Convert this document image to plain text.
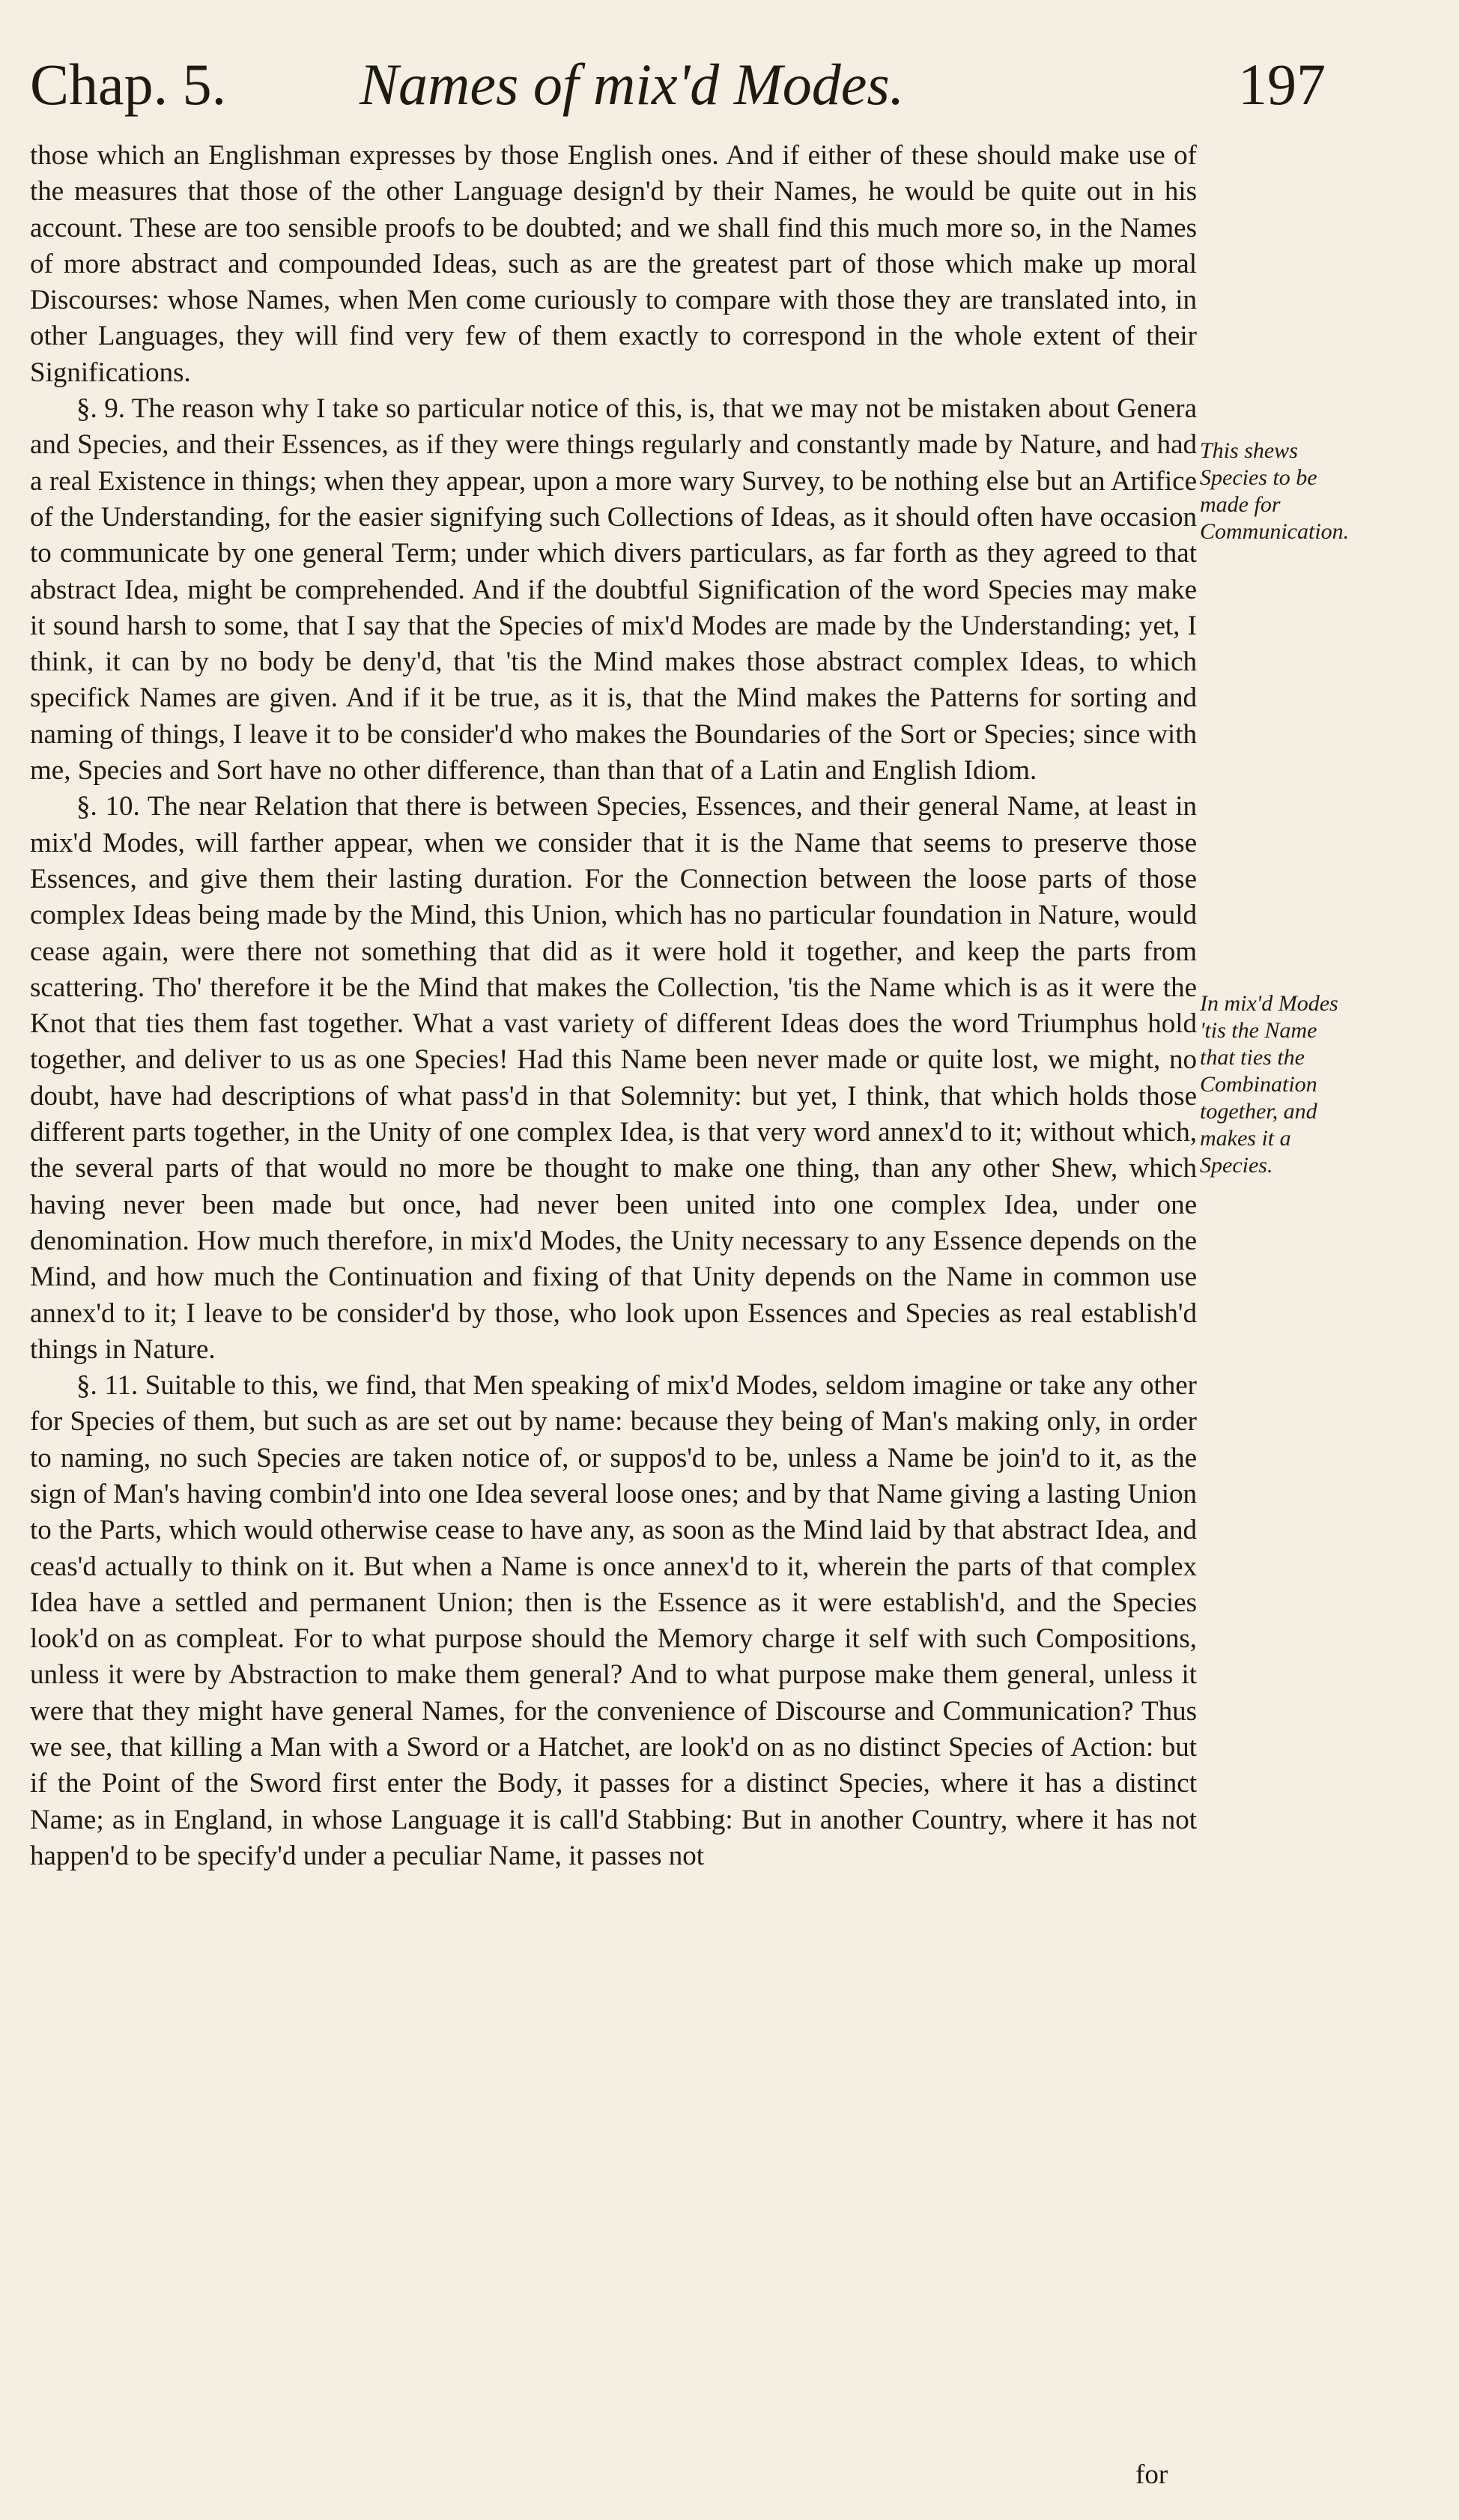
Chap. 5. Names of mix'd Modes.	197

those which an Englishman expresses by those English ones. And if either of these should make use of the measures that those of the other Language design'd by their Names, he would be quite out in his account. These are too sensible proofs to be doubted; and we shall find this much more so, in the Names of more abstract and compounded Ideas, such as are the greatest part of those which make up moral Discourses: whose Names, when Men come curiously to compare with those they are translated into, in other Languages, they will find very few of them exactly to correspond in the whole extent of their Significations.

§. 9. The reason why I take so particular notice of this, is, that we may not be mistaken about Genera and Species, and their Essences, as if they were things regularly and constantly made by Nature, and had a real Existence in things; when they appear, upon a more wary Survey, to be nothing else but an Artifice of the Understanding, for the easier signifying such Collections of Ideas, as it should often have occasion to communicate by one general Term; under which divers particulars, as far forth as they agreed to that abstract Idea, might be comprehended. And if the doubtful Signification of the word Species may make it sound harsh to some, that I say that the Species of mix'd Modes are made by the Understanding; yet, I think, it can by no body be deny'd, that 'tis the Mind makes those abstract complex Ideas, to which specifick Names are given. And if it be true, as it is, that the Mind makes the Patterns for sorting and naming of things, I leave it to be consider'd who makes the Boundaries of the Sort or Species; since with me, Species and Sort have no other difference, than than that of a Latin and English Idiom.

§. 10. The near Relation that there is between Species, Essences, and their general Name, at least in mix'd Modes, will farther appear, when we consider that it is the Name that seems to preserve those Essences, and give them their lasting duration. For the Connection between the loose parts of those complex Ideas being made by the Mind, this Union, which has no particular foundation in Nature, would cease again, were there not something that did as it were hold it together, and keep the parts from scattering. Tho' therefore it be the Mind that makes the Collection, 'tis the Name which is as it were the Knot that ties them fast together. What a vast variety of different Ideas does the word Triumphus hold together, and deliver to us as one Species! Had this Name been never made or quite lost, we might, no doubt, have had descriptions of what pass'd in that Solemnity: but yet, I think, that which holds those different parts together, in the Unity of one complex Idea, is that very word annex'd to it; without which, the several parts of that would no more be thought to make one thing, than any other Shew, which having never been made but once, had never been united into one complex Idea, under one denomination. How much therefore, in mix'd Modes, the Unity necessary to any Essence depends on the Mind, and how much the Continuation and fixing of that Unity depends on the Name in common use annex'd to it; I leave to be consider'd by those, who look upon Essences and Species as real establish'd things in Nature.

§. 11. Suitable to this, we find, that Men speaking of mix'd Modes, seldom imagine or take any other for Species of them, but such as are set out by name: because they being of Man's making only, in order to naming, no such Species are taken notice of, or suppos'd to be, unless a Name be join'd to it, as the sign of Man's having combin'd into one Idea several loose ones; and by that Name giving a lasting Union to the Parts, which would otherwise cease to have any, as soon as the Mind laid by that abstract Idea, and ceas'd actually to think on it. But when a Name is once annex'd to it, wherein the parts of that complex Idea have a settled and permanent Union; then is the Essence as it were establish'd, and the Species look'd on as compleat. For to what purpose should the Memory charge it self with such Compositions, unless it were by Abstraction to make them general? And to what purpose make them general, unless it were that they might have general Names, for the convenience of Discourse and Communication? Thus we see, that killing a Man with a Sword or a Hatchet, are look'd on as no distinct Species of Action: but if the Point of the Sword first enter the Body, it passes for a distinct Species, where it has a distinct Name; as in England, in whose Language it is call'd Stabbing: But in another Country, where it has not happen'd to be specify'd under a peculiar Name, it passes not

This shews Species to be made for Communication.
In mix'd Modes 'tis the Name that ties the Combination together, and makes it a Species.
for
